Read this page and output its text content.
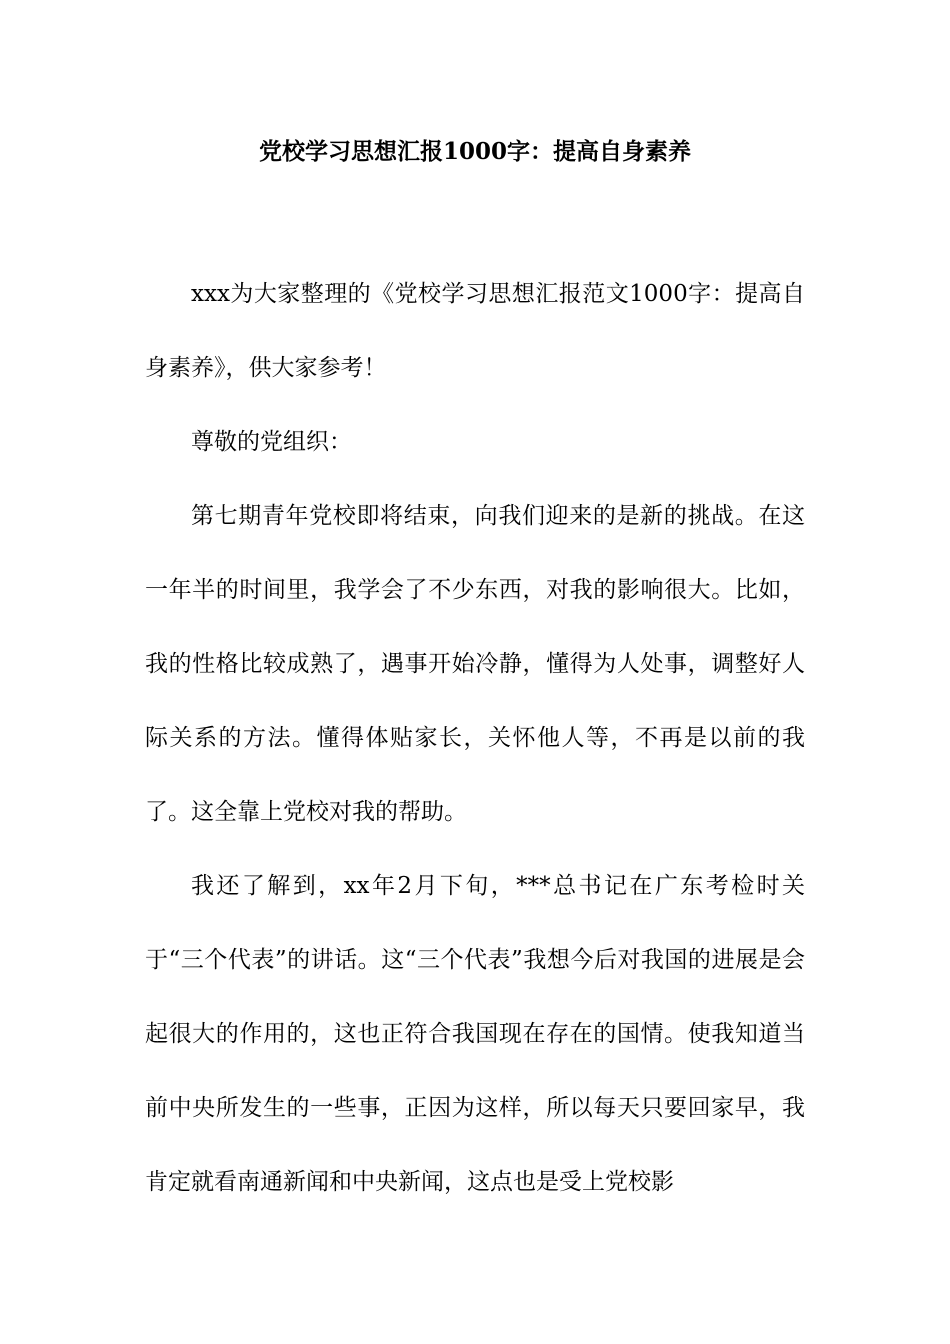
党校学习思想汇报1000字：提高自身素养

xxx为大家整理的《党校学习思想汇报范文1000字：提高自身素养》，供大家参考！

尊敬的党组织：

第七期青年党校即将结束，向我们迎来的是新的挑战。在这一年半的时间里，我学会了不少东西，对我的影响很大。比如，我的性格比较成熟了，遇事开始冷静，懂得为人处事，调整好人际关系的方法。懂得体贴家长，关怀他人等，不再是以前的我了。这全靠上党校对我的帮助。

我还了解到，xx年2月下旬，***总书记在广东考检时关于“三个代表”的讲话。这“三个代表”我想今后对我国的进展是会起很大的作用的，这也正符合我国现在存在的国情。使我知道当前中央所发生的一些事，正因为这样，所以每天只要回家早，我肯定就看南通新闻和中央新闻，这点也是受上党校影
